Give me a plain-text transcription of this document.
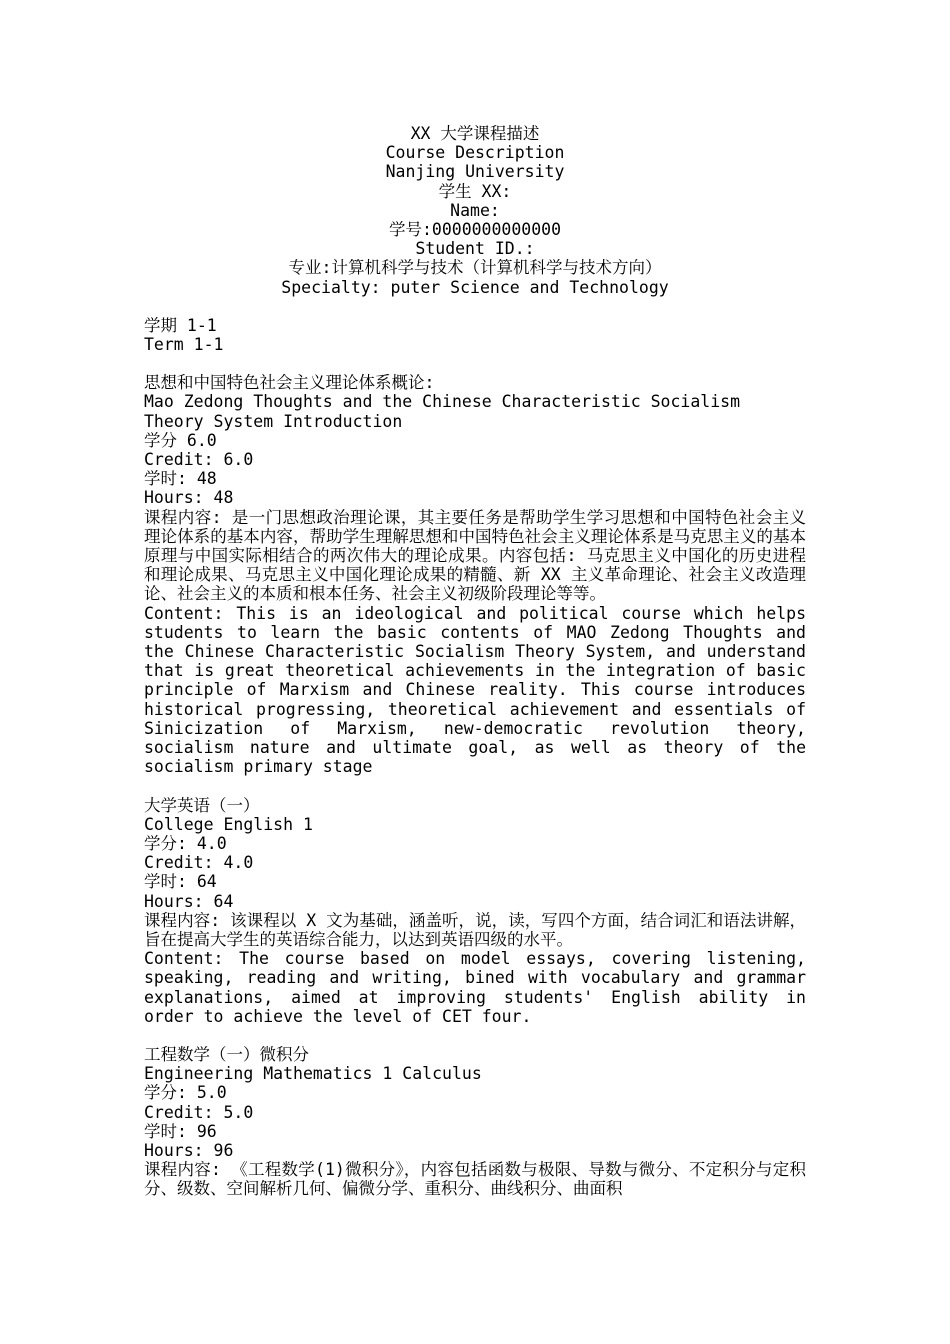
XX 大学课程描述
Course Description
Nanjing University
学生 XX:
Name:
学号:0000000000000
Student ID.:
专业:计算机科学与技术（计算机科学与技术方向）
Specialty: puter Science and Technology
学期 1-1
Term 1-1
思想和中国特色社会主义理论体系概论:
Mao Zedong Thoughts and the Chinese Characteristic Socialism Theory System Introduction
学分 6.0
Credit: 6.0
学时: 48
Hours: 48
课程内容: 是一门思想政治理论课，其主要任务是帮助学生学习思想和中国特色社会主义理论体系的基本内容，帮助学生理解思想和中国特色社会主义理论体系是马克思主义的基本原理与中国实际相结合的两次伟大的理论成果。内容包括: 马克思主义中国化的历史进程和理论成果、马克思主义中国化理论成果的精髓、新 XX 主义革命理论、社会主义改造理论、社会主义的本质和根本任务、社会主义初级阶段理论等等。
Content: This is an ideological and political course which helps students to learn the basic contents of MAO Zedong Thoughts and the Chinese Characteristic Socialism Theory System, and understand that is great theoretical achievements in the integration of basic principle of Marxism and Chinese reality. This course introduces historical progressing, theoretical achievement and essentials of Sinicization of Marxism, new-democratic revolution theory, socialism nature and ultimate goal, as well as theory of the socialism primary stage
大学英语（一）
College English 1
学分: 4.0
Credit: 4.0
学时: 64
Hours: 64
课程内容: 该课程以 X 文为基础，涵盖听，说，读，写四个方面，结合词汇和语法讲解，旨在提高大学生的英语综合能力，以达到英语四级的水平。
Content: The course based on model essays, covering listening, speaking, reading and writing, bined with vocabulary and grammar explanations, aimed at improving students' English ability in order to achieve the level of CET four.
工程数学（一）微积分
Engineering Mathematics 1 Calculus
学分: 5.0
Credit: 5.0
学时: 96
Hours: 96
课程内容: 《工程数学(1)微积分》，内容包括函数与极限、导数与微分、不定积分与定积分、级数、空间解析几何、偏微分学、重积分、曲线积分、曲面积
